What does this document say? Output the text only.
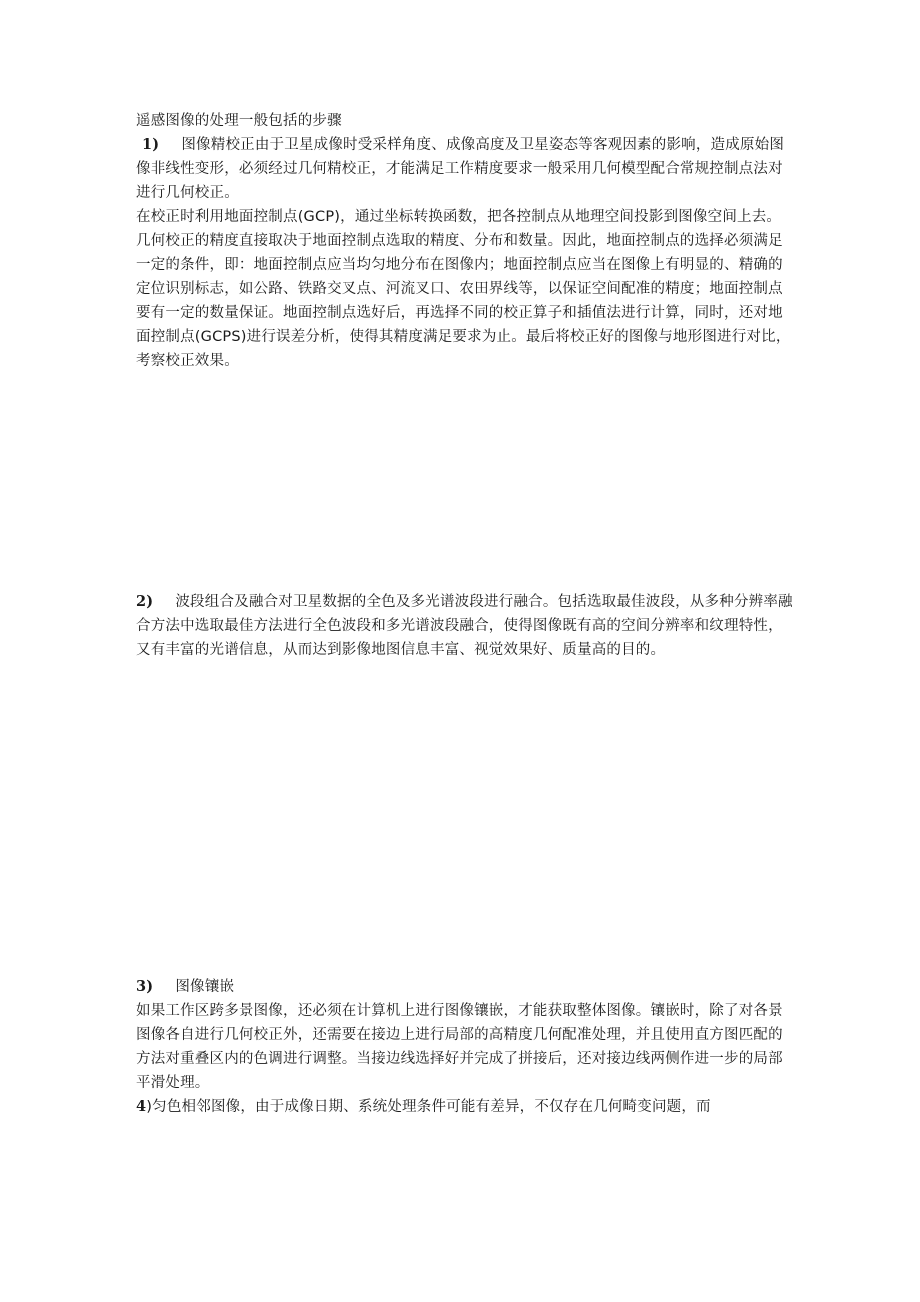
遥感图像的处理一般包括的步骤

1) 图像精校正由于卫星成像时受采样角度、成像高度及卫星姿态等客观因素的影响，造成原始图像非线性变形，必须经过几何精校正，才能满足工作精度要求一般采用几何模型配合常规控制点法对进行几何校正。

在校正时利用地面控制点(GCP)，通过坐标转换函数，把各控制点从地理空间投影到图像空间上去。几何校正的精度直接取决于地面控制点选取的精度、分布和数量。因此，地面控制点的选择必须满足一定的条件，即：地面控制点应当均匀地分布在图像内；地面控制点应当在图像上有明显的、精确的定位识别标志，如公路、铁路交叉点、河流叉口、农田界线等，以保证空间配准的精度；地面控制点要有一定的数量保证。地面控制点选好后，再选择不同的校正算子和插值法进行计算，同时，还对地面控制点(GCPS)进行误差分析，使得其精度满足要求为止。最后将校正好的图像与地形图进行对比，考察校正效果。

2) 波段组合及融合对卫星数据的全色及多光谱波段进行融合。包括选取最佳波段，从多种分辨率融合方法中选取最佳方法进行全色波段和多光谱波段融合，使得图像既有高的空间分辨率和纹理特性，又有丰富的光谱信息，从而达到影像地图信息丰富、视觉效果好、质量高的目的。

3) 图像镶嵌

如果工作区跨多景图像，还必须在计算机上进行图像镶嵌，才能获取整体图像。镶嵌时，除了对各景图像各自进行几何校正外，还需要在接边上进行局部的高精度几何配准处理，并且使用直方图匹配的方法对重叠区内的色调进行调整。当接边线选择好并完成了拼接后，还对接边线两侧作进一步的局部平滑处理。

4)匀色相邻图像，由于成像日期、系统处理条件可能有差异，不仅存在几何畸变问题，而
